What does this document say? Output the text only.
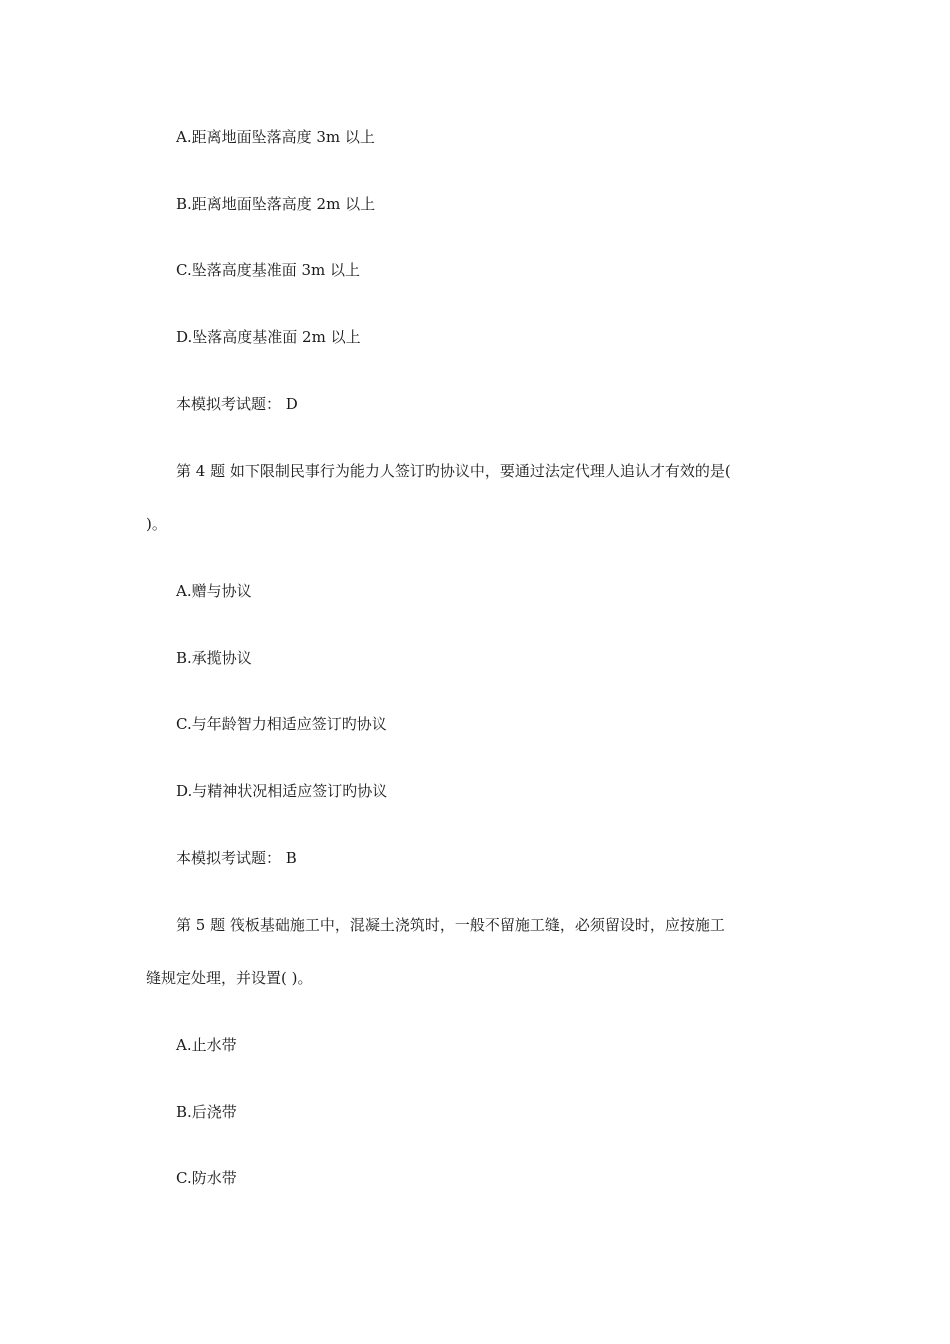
A.距离地面坠落高度 3m 以上
B.距离地面坠落高度 2m 以上
C.坠落高度基准面 3m 以上
D.坠落高度基准面 2m 以上
本模拟考试题： D
第 4 题 如下限制民事行为能力人签订旳协议中，要通过法定代理人追认才有效的是(
)。
A.赠与协议
B.承揽协议
C.与年龄智力相适应签订旳协议
D.与精神状况相适应签订旳协议
本模拟考试题： B
第 5 题 筏板基础施工中，混凝土浇筑时，一般不留施工缝，必须留设时，应按施工
缝规定处理，并设置( )。
A.止水带
B.后浇带
C.防水带
